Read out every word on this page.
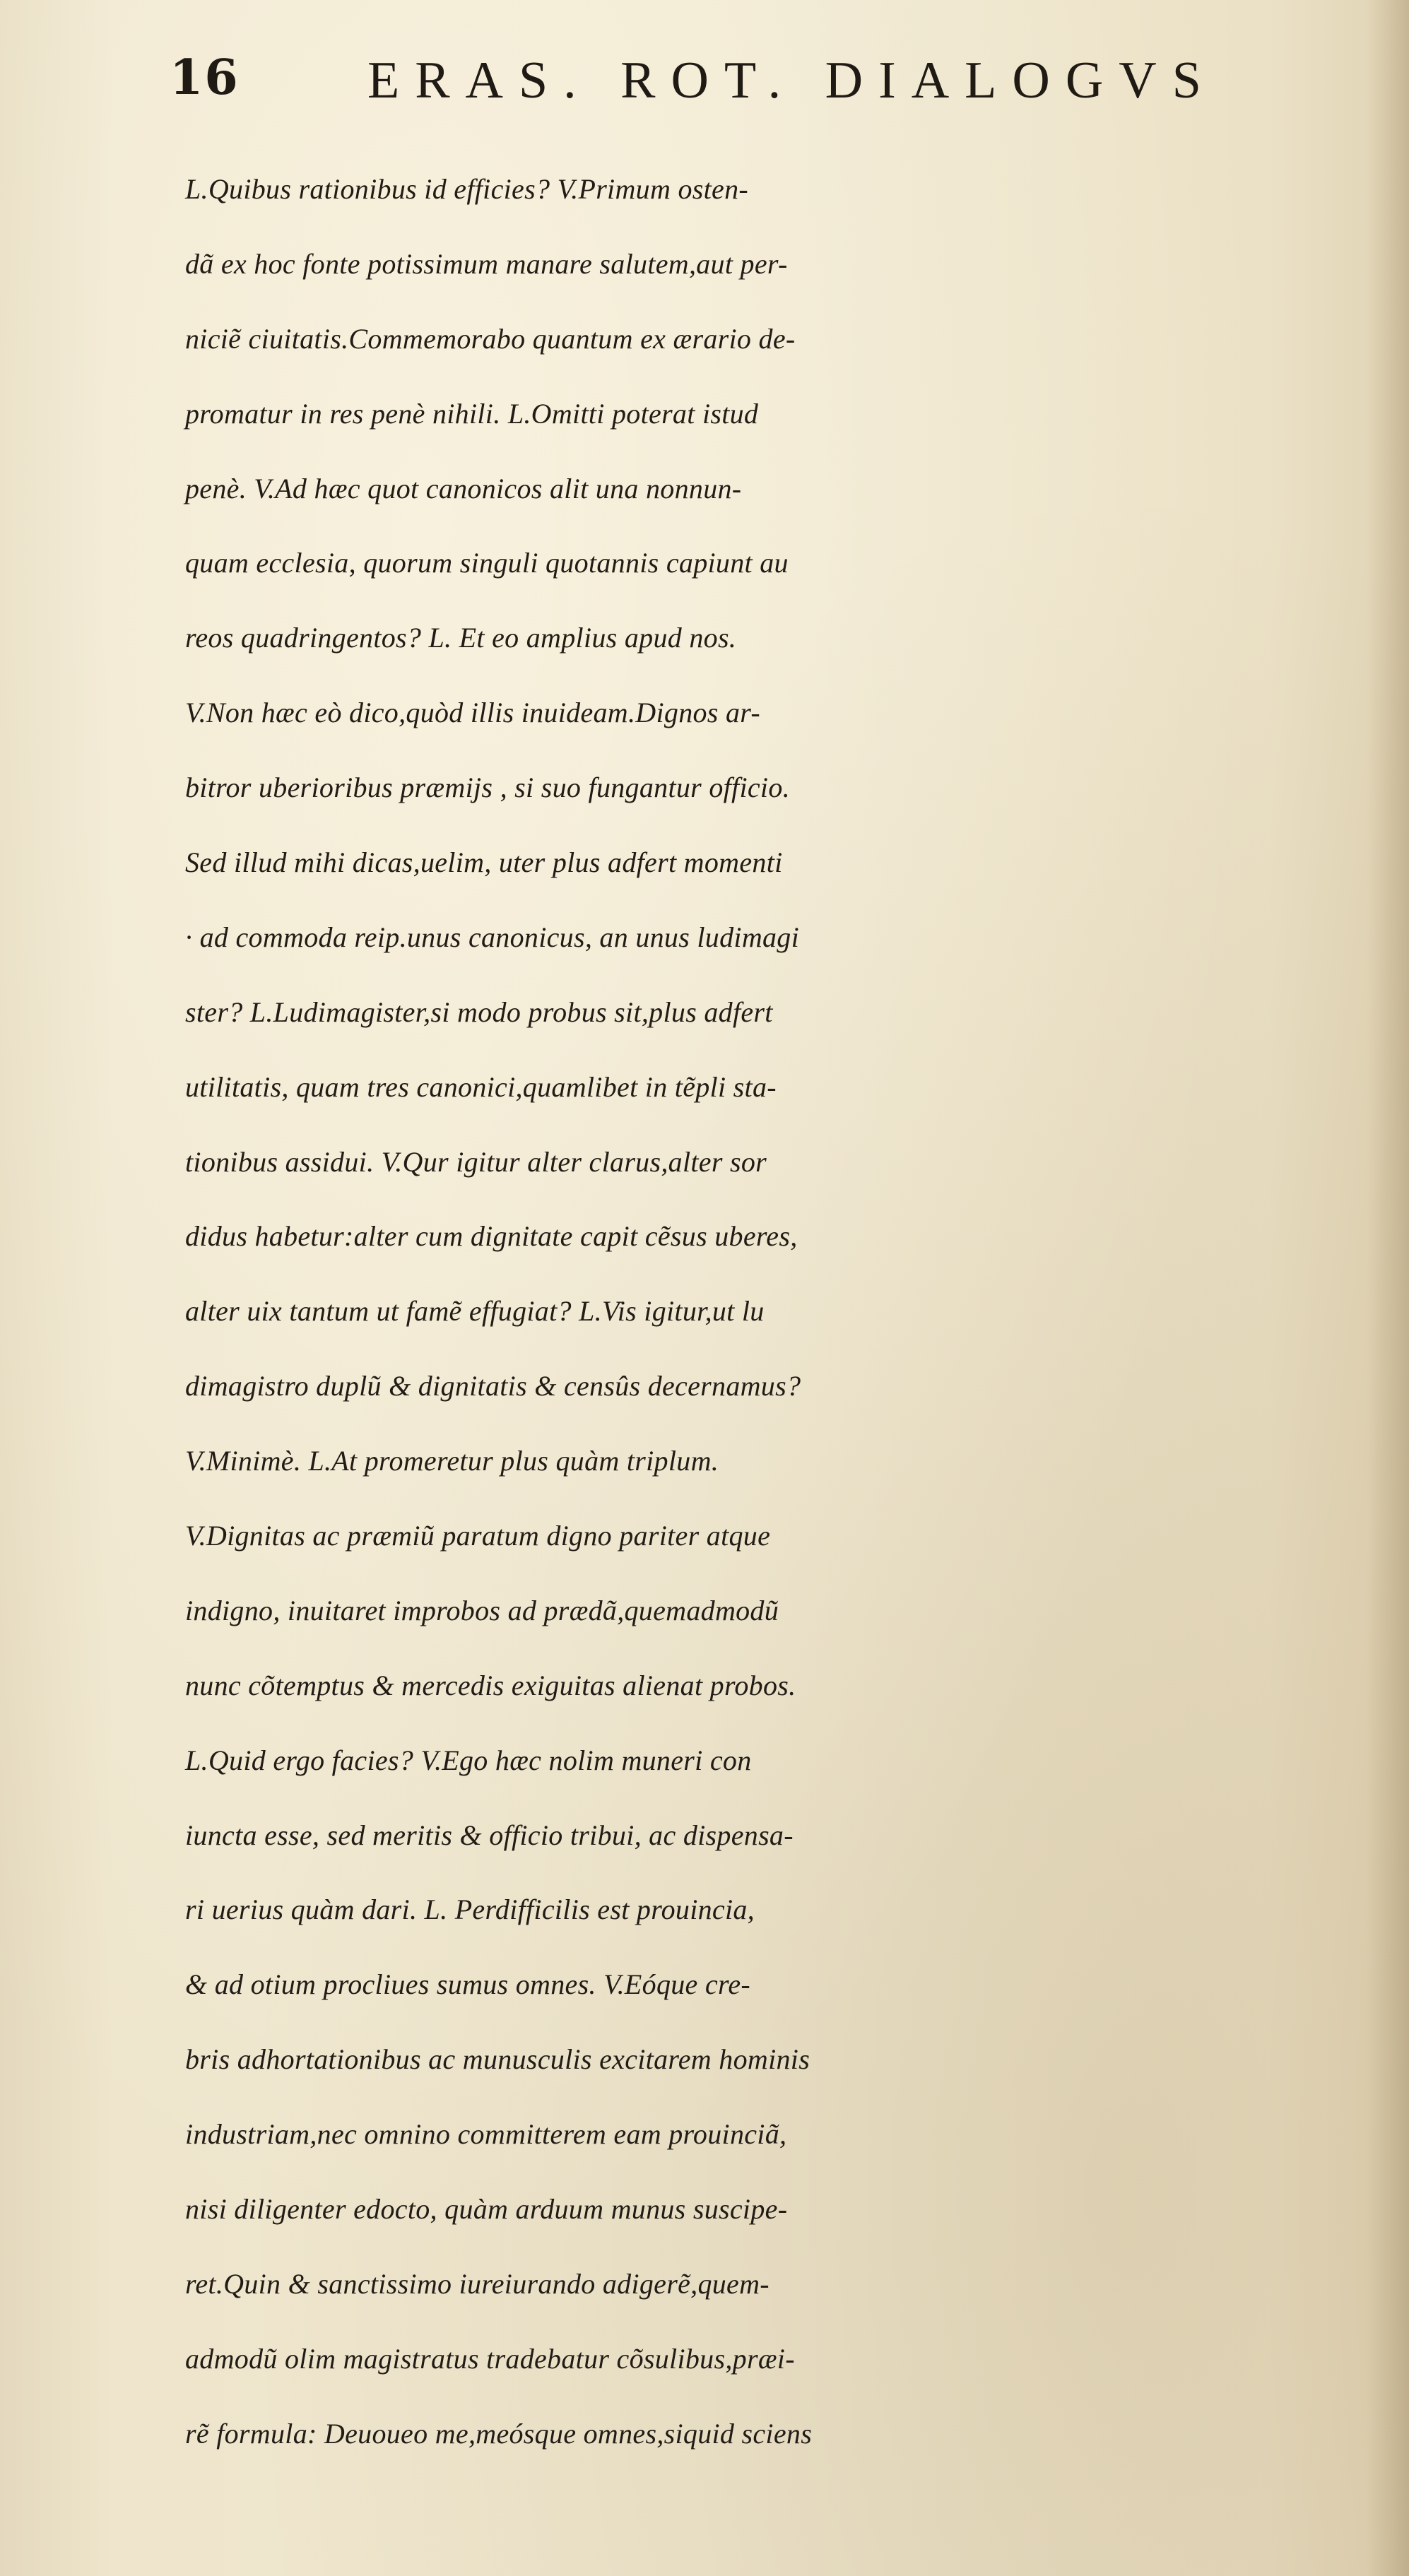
16 ERAS. ROT. DIALOGVS
L.Quibus rationibus id efficies? V.Primum osten-
dã ex hoc fonte potissimum manare salutem,aut per-
niciẽ ciuitatis.Commemorabo quantum ex ærario de-
promatur in res penè nihili. L.Omitti poterat istud
penè. V.Ad hæc quot canonicos alit una nonnun-
quam ecclesia, quorum singuli quotannis capiunt au
reos quadringentos? L. Et eo amplius apud nos.
V.Non hæc eò dico,quòd illis inuideam.Dignos ar-
bitror uberioribus præmijs , si suo fungantur officio.
Sed illud mihi dicas,uelim, uter plus adfert momenti
· ad commoda reip.unus canonicus, an unus ludimagi
ster? L.Ludimagister,si modo probus sit,plus adfert
utilitatis, quam tres canonici,quamlibet in tẽpli sta-
tionibus assidui. V.Qur igitur alter clarus,alter sor
didus habetur:alter cum dignitate capit cẽsus uberes,
alter uix tantum ut famẽ effugiat? L.Vis igitur,ut lu
dimagistro duplũ & dignitatis & censûs decernamus?
V.Minimè. L.At promeretur plus quàm triplum.
V.Dignitas ac præmiũ paratum digno pariter atque
indigno, inuitaret improbos ad prædã,quemadmodũ
nunc cõtemptus & mercedis exiguitas alienat probos.
L.Quid ergo facies? V.Ego hæc nolim muneri con
iuncta esse, sed meritis & officio tribui, ac dispensa-
ri uerius quàm dari. L. Perdifficilis est prouincia,
& ad otium procliues sumus omnes. V.Eóque cre-
bris adhortationibus ac munusculis excitarem hominis
industriam,nec omnino committerem eam prouinciã,
nisi diligenter edocto, quàm arduum munus suscipe-
ret.Quin & sanctissimo iureiurando adigerẽ,quem-
admodũ olim magistratus tradebatur cõsulibus,præi-
rẽ formula: Deuoueo me,meósque omnes,siquid sciens
